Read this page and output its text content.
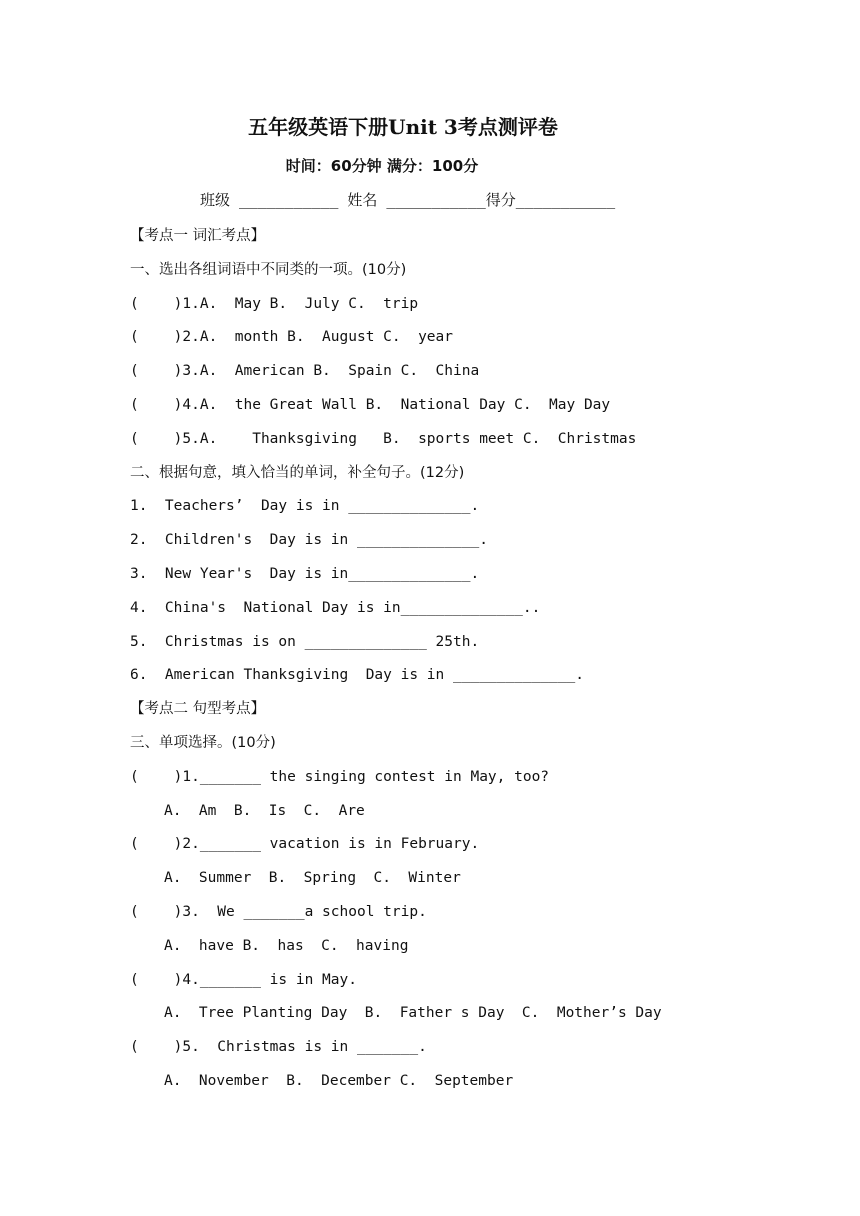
五年级英语下册Unit 3考点测评卷
时间：60分钟 满分：100分
班级 ___________ 姓名 ___________得分___________
【考点一 词汇考点】
一、选出各组词语中不同类的一项。(10分)
(    )1.A.  May B.  July C.  trip
(    )2.A.  month B.  August C.  year
(    )3.A.  American B.  Spain C.  China
(    )4.A.  the Great Wall B.  National Day C.  May Day
(    )5.A.    Thanksgiving   B.  sports meet C.  Christmas
二、根据句意，填入恰当的单词，补全句子。(12分)
1.  Teachers’  Day is in ______________.
2.  Children's  Day is in ______________.
3.  New Year's  Day is in______________.
4.  China's  National Day is in______________..
5.  Christmas is on ______________ 25th.
6.  American Thanksgiving  Day is in ______________.
【考点二 句型考点】
三、单项选择。(10分)
(    )1._______ the singing contest in May, too?
A.  Am  B.  Is  C.  Are
(    )2._______ vacation is in February.
A.  Summer  B.  Spring  C.  Winter
(    )3.  We _______a school trip.
A.  have B.  has  C.  having
(    )4._______ is in May.
A.  Tree Planting Day  B.  Father s Day  C.  Mother’s Day
(    )5.  Christmas is in _______.
A.  November  B.  December C.  September
